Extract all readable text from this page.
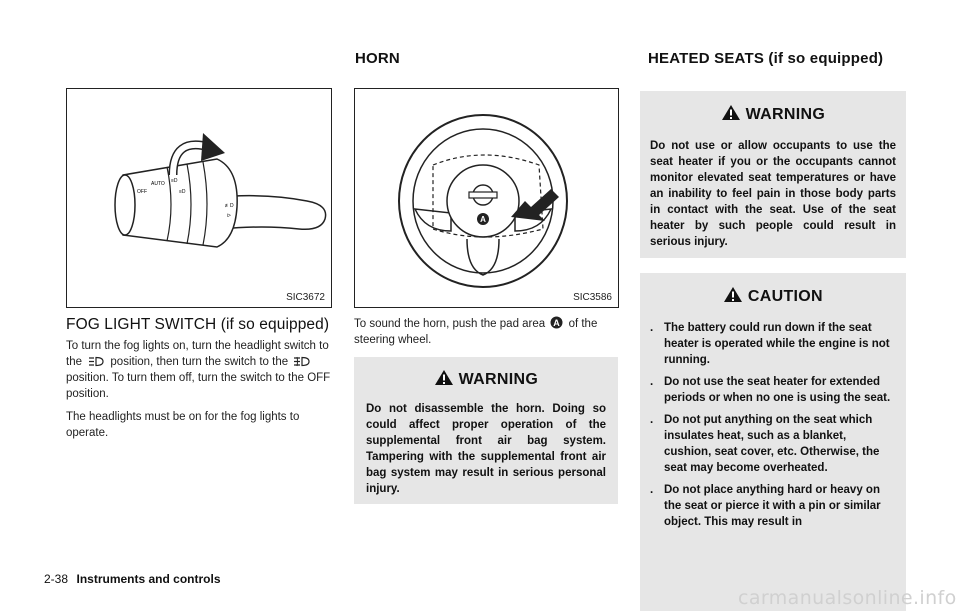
HORN	HEATED SEATS (if so equipped)
OFF
AUTO ≡D
≡D
≢D
ᐅ
SIC3672
FOG LIGHT SWITCH (if so equipped)

To turn the fog lights on, turn the headlight switch to the position, then turn the switch to the  position. To turn them off, turn the switch to the OFF position.

The headlights must be on for the fog lights to operate.

A
SIC3586
To sound the horn, push the pad area A of the steering wheel.
WARNING
Do not disassemble the horn. Doing so could affect proper operation of the supplemental front air bag system. Tampering with the supplemental front air bag system may result in serious personal injury.
WARNING
Do not use or allow occupants to use the seat heater if you or the occupants cannot monitor elevated seat temperatures or have an inability to feel pain in those body parts in contact with the seat. Use of the seat heater by such people could result in serious injury.
CAUTION
. The battery could run down if the seat heater is operated while the engine is not running.
. Do not use the seat heater for extended periods or when no one is using the seat.
. Do not put anything on the seat which insulates heat, such as a blanket, cushion, seat cover, etc. Otherwise, the seat may become overheated.
. Do not place anything hard or heavy on the seat or pierce it with a pin or similar object. This may result in
2-38 Instruments and controls
carmanualsonline.info
